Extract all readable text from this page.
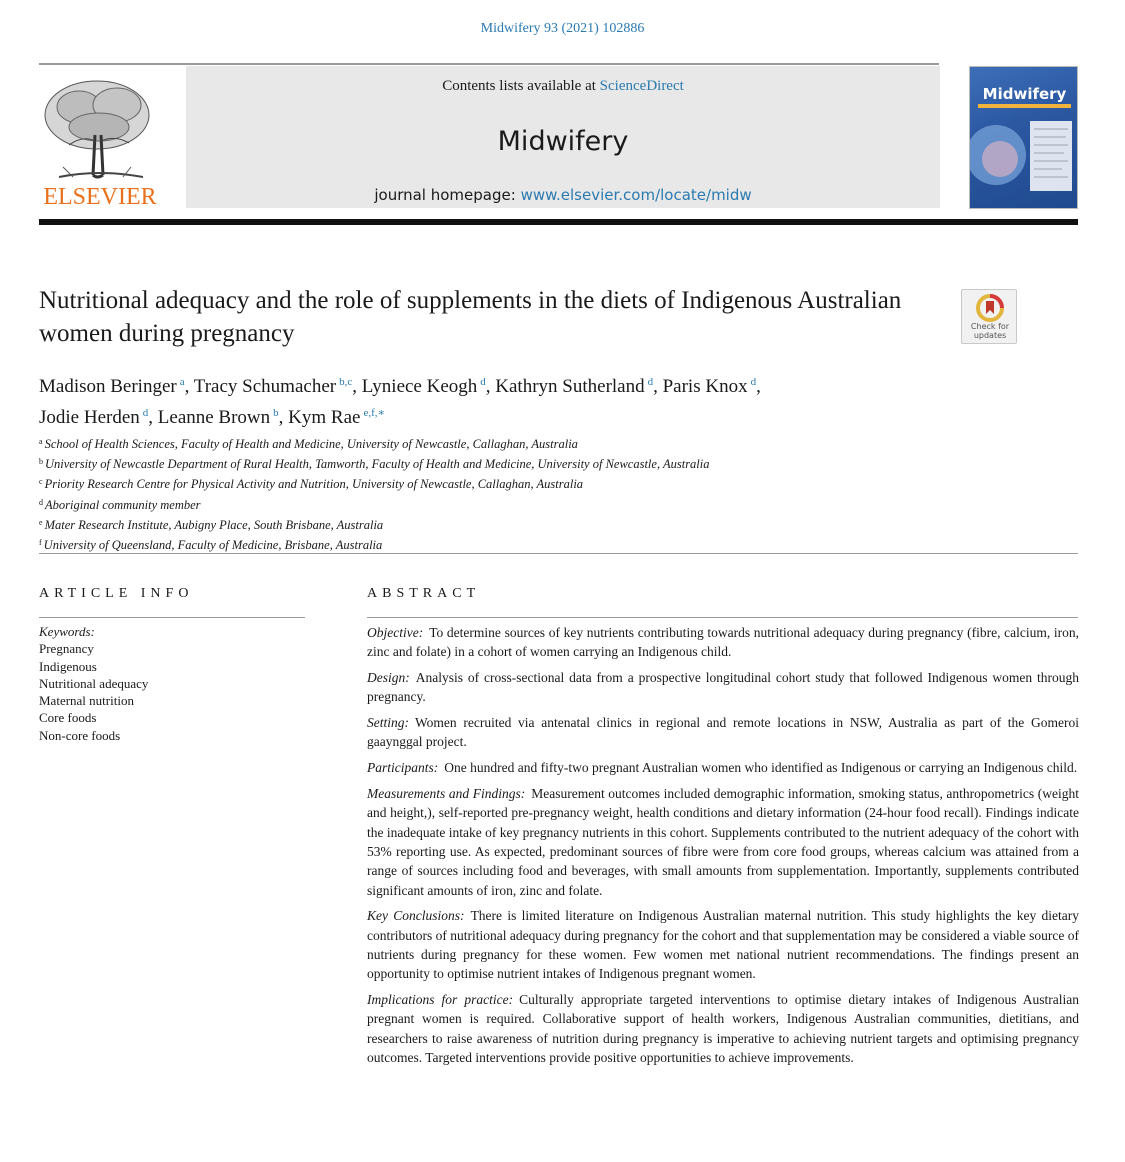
Midwifery 93 (2021) 102886
ELSEVIER
Contents lists available at ScienceDirect
Midwifery
journal homepage: www.elsevier.com/locate/midw
Midwifery
Nutritional adequacy and the role of supplements in the diets of Indigenous Australian women during pregnancy	Check for
updates
Madison Beringer $^a$, Tracy Schumacher $^{b,c}$, Lyniece Keogh $^d$, Kathryn Sutherland $^d$, Paris Knox $^d$,
Jodie Herden $^d$, Leanne Brown $^b$, Kym Rae $^{e,f,∗}$
$^a$ School of Health Sciences, Faculty of Health and Medicine, University of Newcastle, Callaghan, Australia
$^b$ University of Newcastle Department of Rural Health, Tamworth, Faculty of Health and Medicine, University of Newcastle, Australia
$^c$ Priority Research Centre for Physical Activity and Nutrition, University of Newcastle, Callaghan, Australia
$^d$ Aboriginal community member
$^e$ Mater Research Institute, Aubigny Place, South Brisbane, Australia
$^f$ University of Queensland, Faculty of Medicine, Brisbane, Australia
ARTICLE INFO	ABSTRACT
Keywords:
Pregnancy
Indigenous
Nutritional adequacy
Maternal nutrition
Core foods
Non-core foods

Objective: To determine sources of key nutrients contributing towards nutritional adequacy during pregnancy (fibre, calcium, iron, zinc and folate) in a cohort of women carrying an Indigenous child.

Design: Analysis of cross-sectional data from a prospective longitudinal cohort study that followed Indigenous women through pregnancy.

Setting: Women recruited via antenatal clinics in regional and remote locations in NSW, Australia as part of the Gomeroi gaaynggal project.

Participants: One hundred and fifty-two pregnant Australian women who identified as Indigenous or carrying an Indigenous child.

Measurements and Findings: Measurement outcomes included demographic information, smoking status, anthropometrics (weight and height,), self-reported pre-pregnancy weight, health conditions and dietary information (24-hour food recall). Findings indicate the inadequate intake of key pregnancy nutrients in this cohort. Supplements contributed to the nutrient adequacy of the cohort with 53% reporting use. As expected, predominant sources of fibre were from core food groups, whereas calcium was attained from a range of sources including food and beverages, with small amounts from supplementation. Importantly, supplements contributed significant amounts of iron, zinc and folate.

Key Conclusions: There is limited literature on Indigenous Australian maternal nutrition. This study highlights the key dietary contributors of nutritional adequacy during pregnancy for the cohort and that supplementation may be considered a viable source of nutrients during pregnancy for these women. Few women met national nutrient recommendations. The findings present an opportunity to optimise nutrient intakes of Indigenous pregnant women.

Implications for practice: Culturally appropriate targeted interventions to optimise dietary intakes of Indigenous Australian pregnant women is required. Collaborative support of health workers, Indigenous Australian communities, dietitians, and researchers to raise awareness of nutrition during pregnancy is imperative to achieving nutrient targets and optimising pregnancy outcomes. Targeted interventions provide positive opportunities to achieve improvements.
